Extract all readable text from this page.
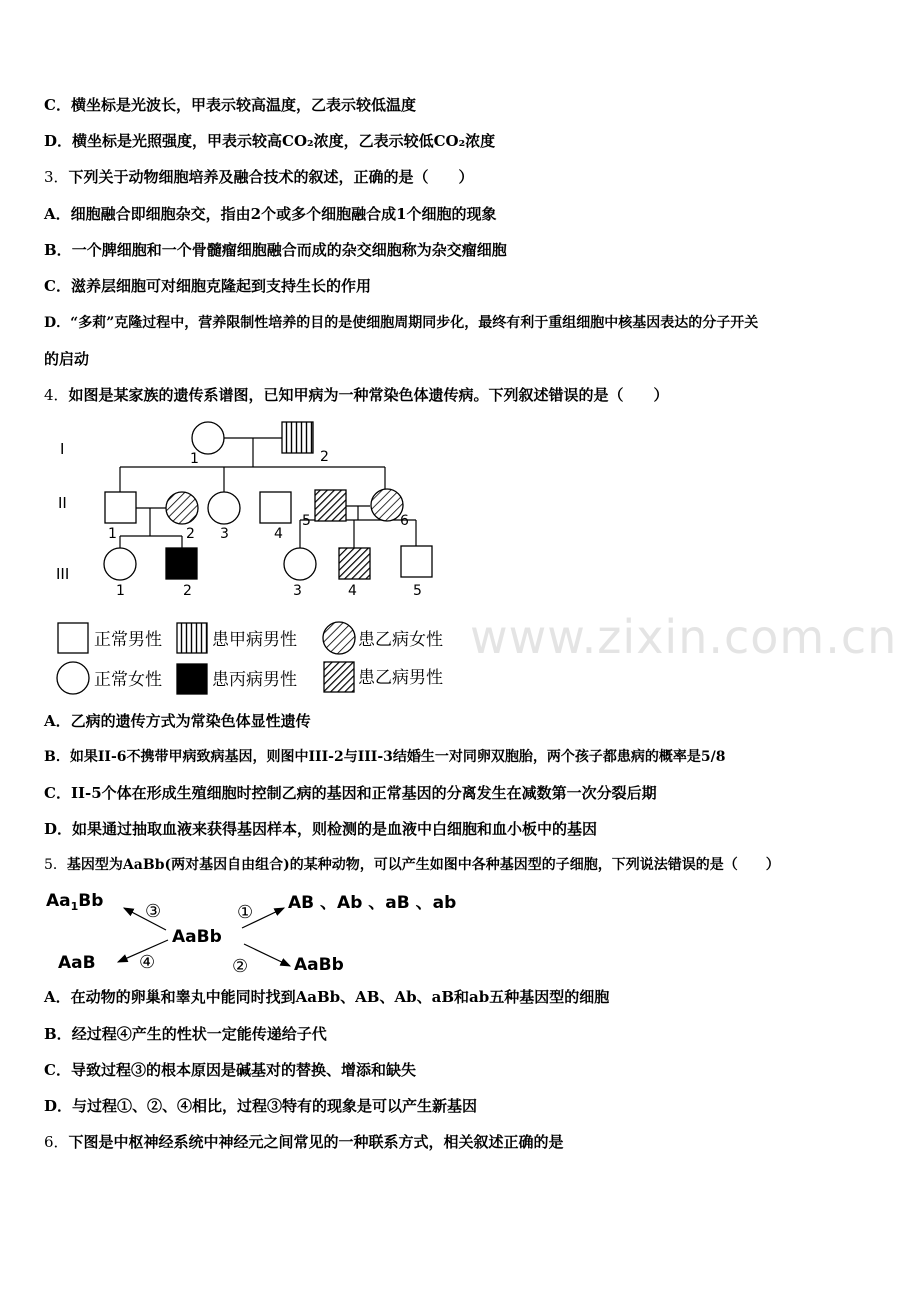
www.zixin.com.cn
C．横坐标是光波长，甲表示较高温度，乙表示较低温度
D．横坐标是光照强度，甲表示较高CO₂浓度，乙表示较低CO₂浓度
3．下列关于动物细胞培养及融合技术的叙述，正确的是（　　）
A．细胞融合即细胞杂交，指由2个或多个细胞融合成1个细胞的现象
B．一个脾细胞和一个骨髓瘤细胞融合而成的杂交细胞称为杂交瘤细胞
C．滋养层细胞可对细胞克隆起到支持生长的作用
D．“多莉”克隆过程中，营养限制性培养的目的是使细胞周期同步化，最终有利于重组细胞中核基因表达的分子开关
的启动
4．如图是某家族的遗传系谱图，已知甲病为一种常染色体遗传病。下列叙述错误的是（　　）
I
II
III
1	2
1	2 3	4
5	6
1	2	3	4	5
正常男性	患甲病男性	患乙病女性
正常女性	患丙病男性	患乙病男性
A．乙病的遗传方式为常染色体显性遗传
B．如果II-6不携带甲病致病基因，则图中III-2与III-3结婚生一对同卵双胞胎，两个孩子都患病的概率是5/8
C．II-5个体在形成生殖细胞时控制乙病的基因和正常基因的分离发生在减数第一次分裂后期
D．如果通过抽取血液来获得基因样本，则检测的是血液中白细胞和血小板中的基因
5．基因型为AaBb(两对基因自由组合)的某种动物，可以产生如图中各种基因型的子细胞，下列说法错误的是（　　）
$Aa_1Bb$	AB 、Ab 、aB 、ab
AaBb
AaB	AaBb
③	①
④	②
A．在动物的卵巢和睾丸中能同时找到AaBb、AB、Ab、aB和ab五种基因型的细胞
B．经过程④产生的性状一定能传递给子代
C．导致过程③的根本原因是碱基对的替换、增添和缺失
D．与过程①、②、④相比，过程③特有的现象是可以产生新基因
6．下图是中枢神经系统中神经元之间常见的一种联系方式，相关叙述正确的是
